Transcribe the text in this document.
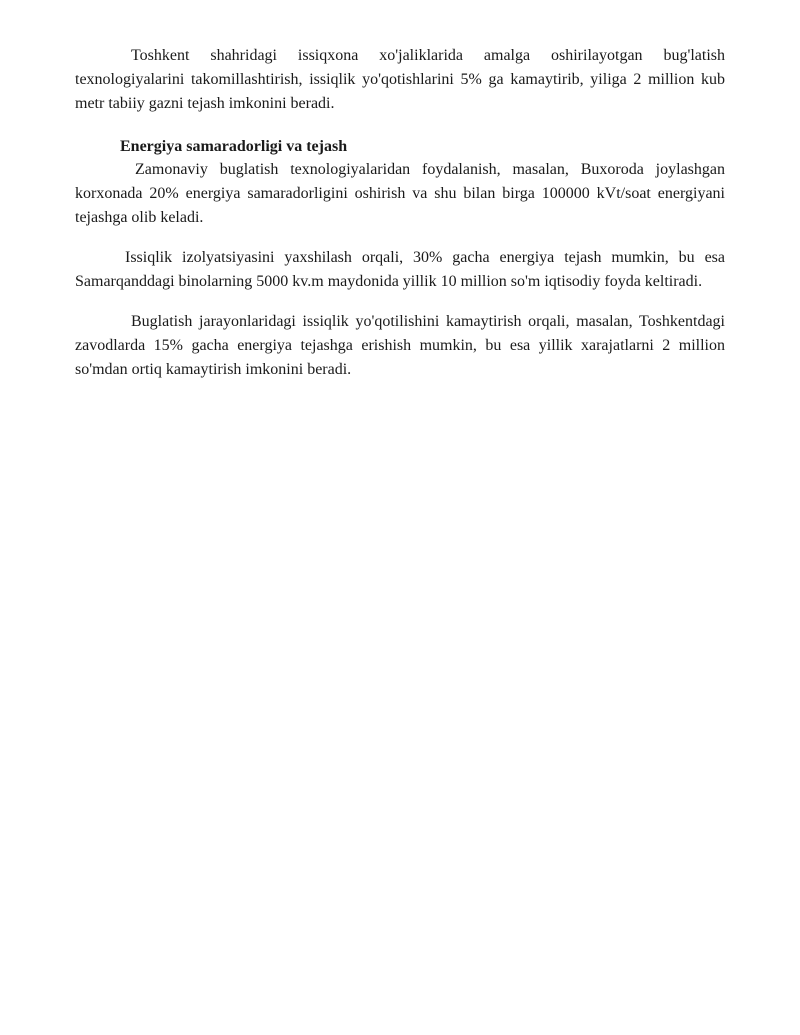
Toshkent shahridagi issiqxona xo'jaliklarida amalga oshirilayotgan bug'latish texnologiyalarini takomillashtirish, issiqlik yo'qotishlarini 5% ga kamaytirib, yiliga 2 million kub metr tabiiy gazni tejash imkonini beradi.

Energiya samaradorligi va tejash

Zamonaviy buglatish texnologiyalaridan foydalanish, masalan, Buxoroda joylashgan korxonada 20% energiya samaradorligini oshirish va shu bilan birga 100000 kVt/soat energiyani tejashga olib keladi.

Issiqlik izolyatsiyasini yaxshilash orqali, 30% gacha energiya tejash mumkin, bu esa Samarqanddagi binolarning 5000 kv.m maydonida yillik 10 million so'm iqtisodiy foyda keltiradi.

Buglatish jarayonlaridagi issiqlik yo'qotilishini kamaytirish orqali, masalan, Toshkentdagi zavodlarda 15% gacha energiya tejashga erishish mumkin, bu esa yillik xarajatlarni 2 million so'mdan ortiq kamaytirish imkonini beradi.
